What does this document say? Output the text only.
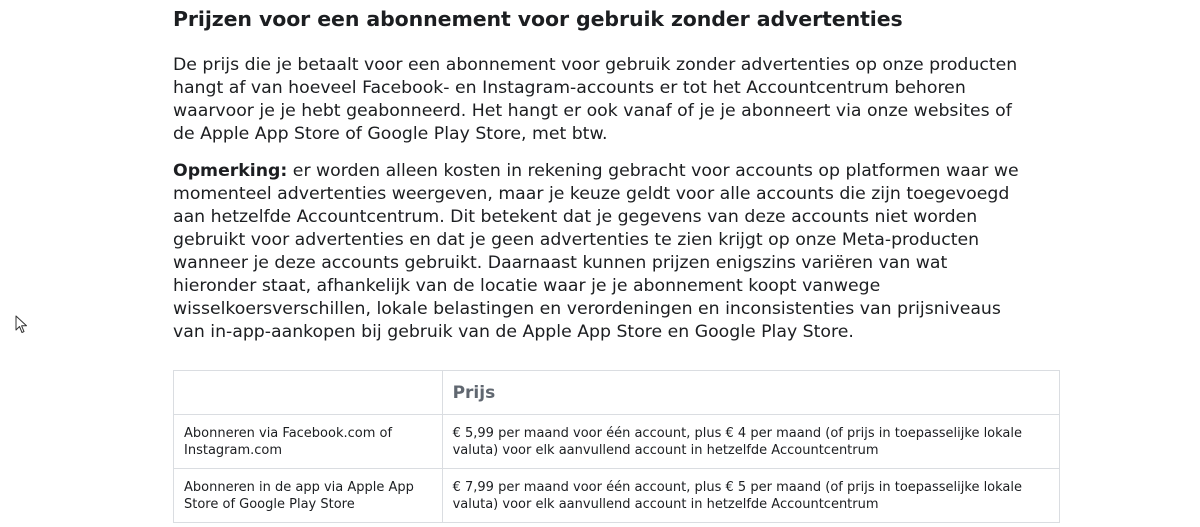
Prijzen voor een abonnement voor gebruik zonder advertenties

De prijs die je betaalt voor een abonnement voor gebruik zonder advertenties op onze producten
hangt af van hoeveel Facebook- en Instagram-accounts er tot het Accountcentrum behoren
waarvoor je je hebt geabonneerd. Het hangt er ook vanaf of je je abonneert via onze websites of
de Apple App Store of Google Play Store, met btw.

Opmerking: er worden alleen kosten in rekening gebracht voor accounts op platformen waar we
momenteel advertenties weergeven, maar je keuze geldt voor alle accounts die zijn toegevoegd
aan hetzelfde Accountcentrum. Dit betekent dat je gegevens van deze accounts niet worden
gebruikt voor advertenties en dat je geen advertenties te zien krijgt op onze Meta-producten
wanneer je deze accounts gebruikt. Daarnaast kunnen prijzen enigszins variëren van wat
hieronder staat, afhankelijk van de locatie waar je je abonnement koopt vanwege
wisselkoersverschillen, lokale belastingen en verordeningen en inconsistenties van prijsniveaus
van in-app-aankopen bij gebruik van de Apple App Store en Google Play Store.

	Prijs

Abonneren via Facebook.com of
Instagram.com	€ 5,99 per maand voor één account, plus € 4 per maand (of prijs in toepasselijke lokale
valuta) voor elk aanvullend account in hetzelfde Accountcentrum

Abonneren in de app via Apple App
Store of Google Play Store	€ 7,99 per maand voor één account, plus € 5 per maand (of prijs in toepasselijke lokale
valuta) voor elk aanvullend account in hetzelfde Accountcentrum
